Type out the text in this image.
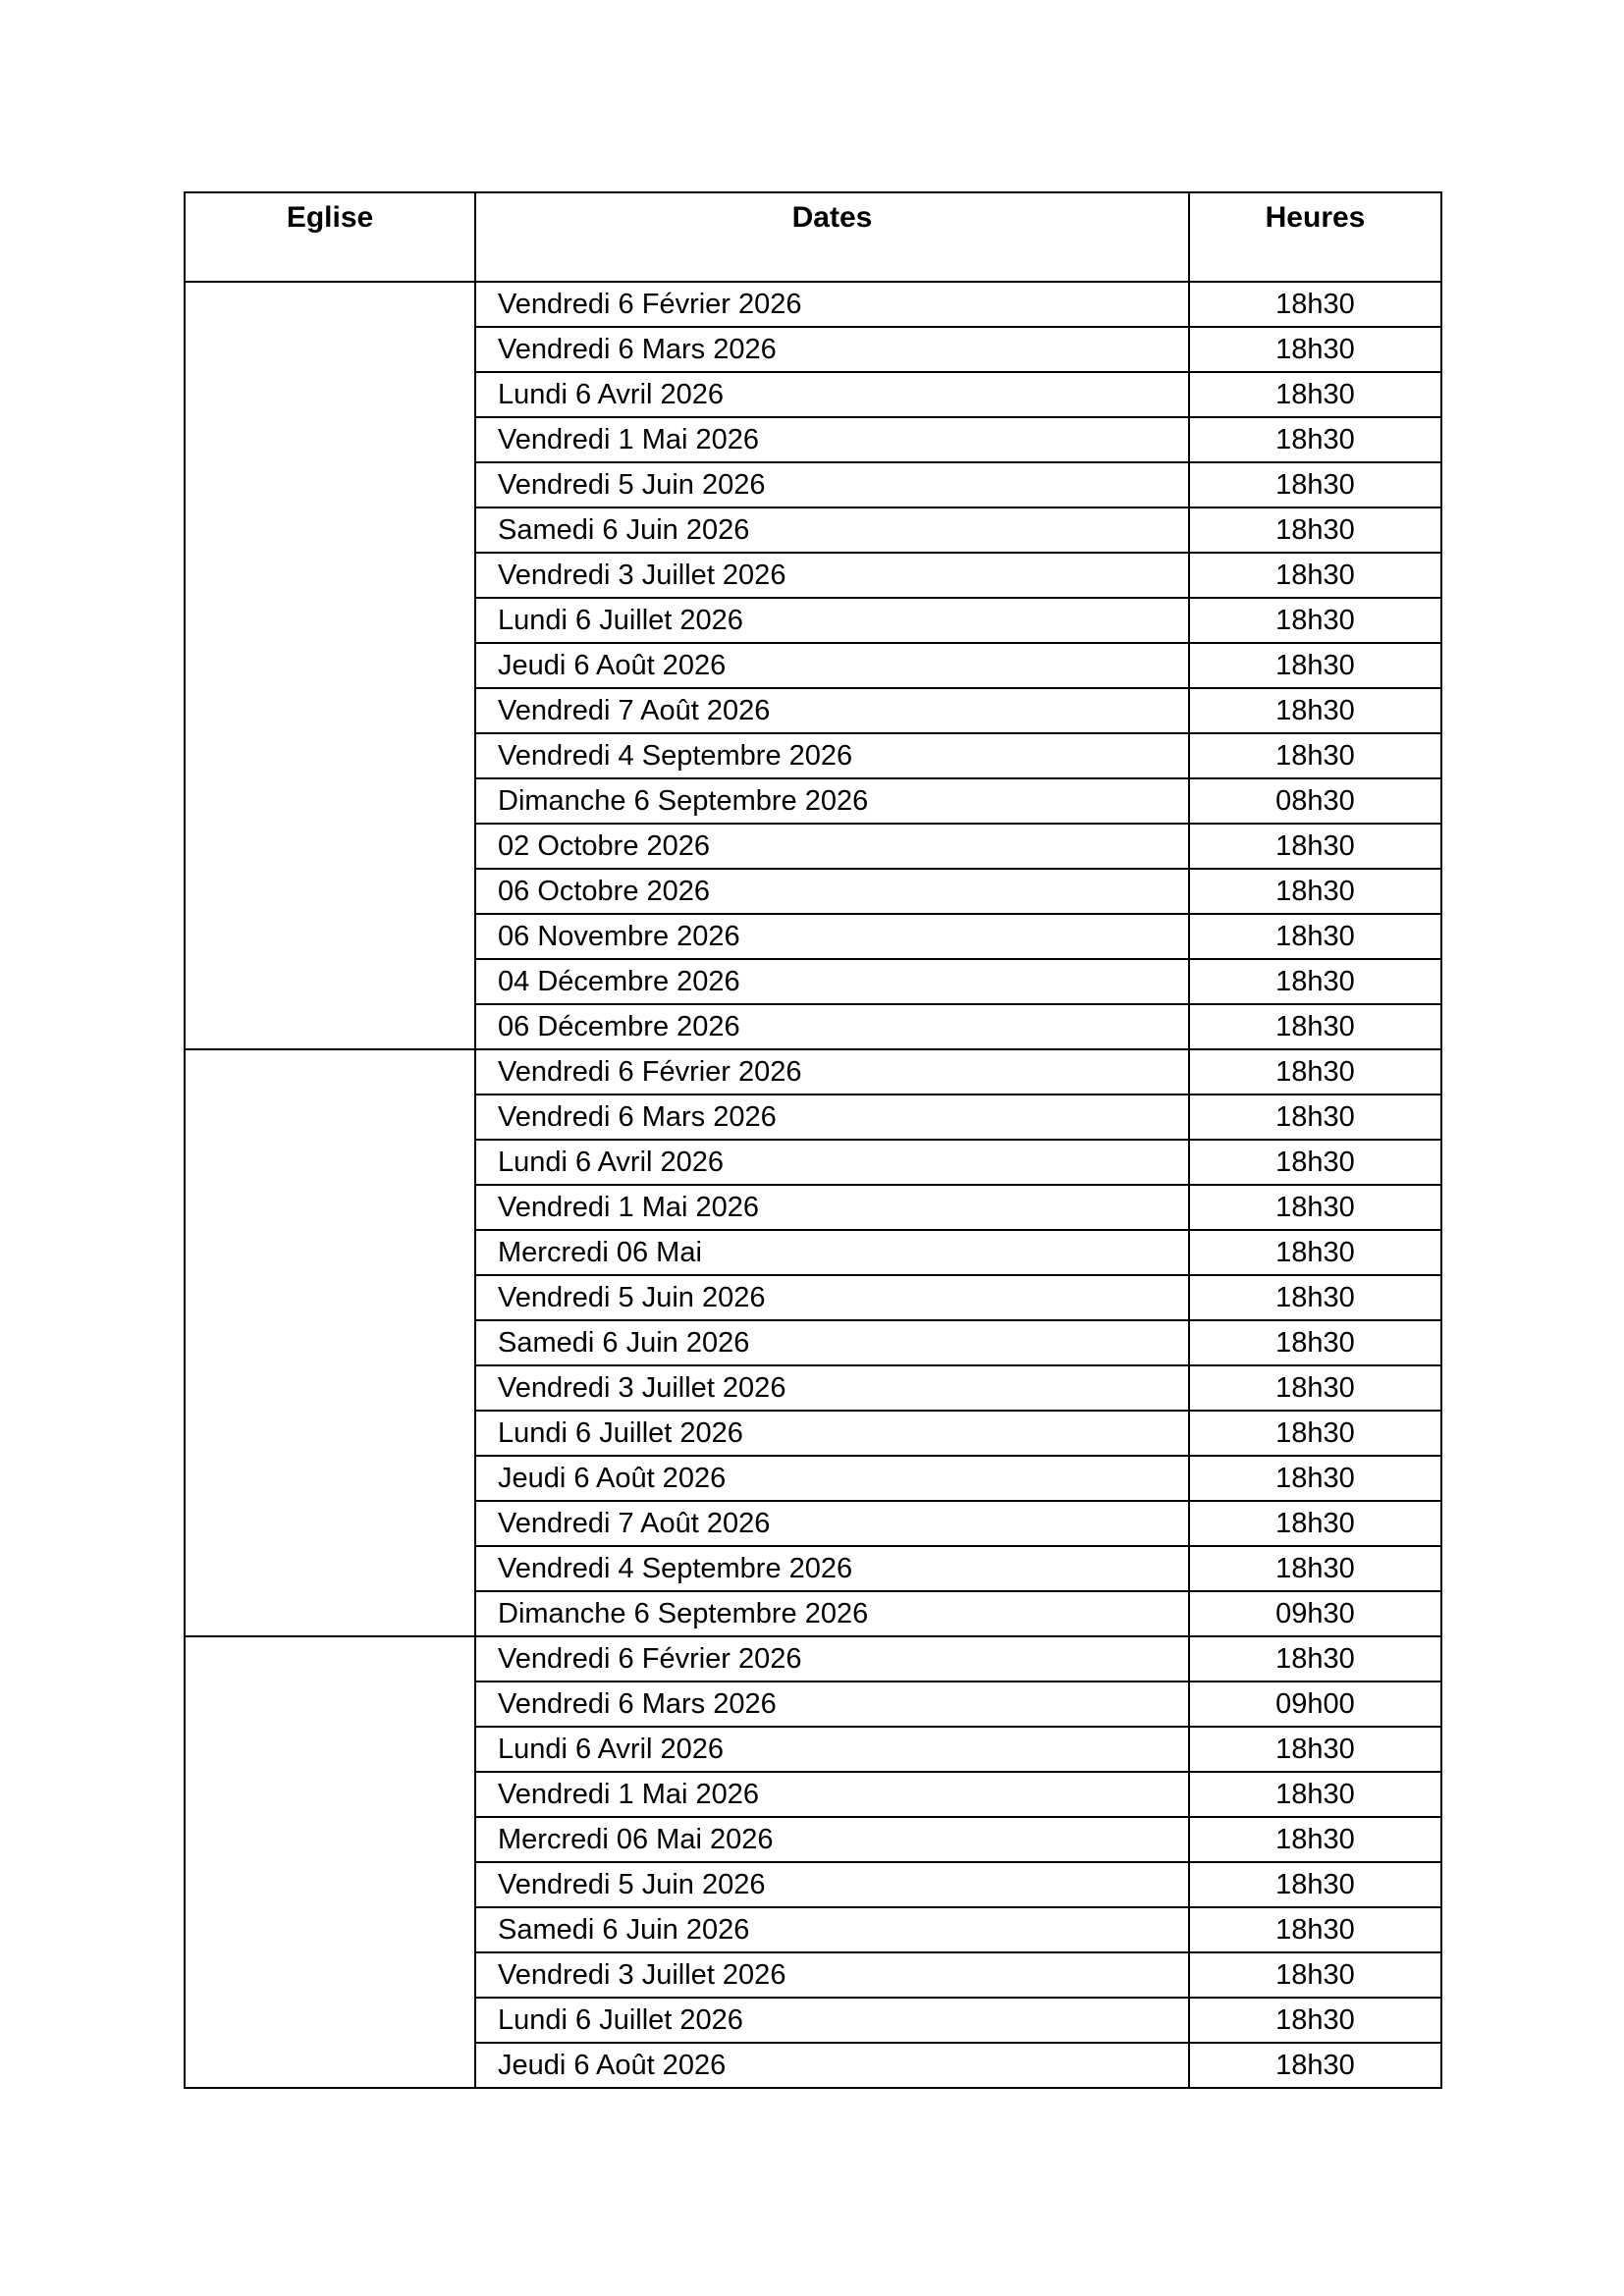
Eglise	Dates	Heures
	Vendredi 6 Février 2026	18h30
	Vendredi 6 Mars 2026	18h30
	Lundi 6 Avril 2026	18h30
	Vendredi 1 Mai 2026	18h30
	Vendredi 5 Juin 2026	18h30
	Samedi 6 Juin 2026	18h30
	Vendredi 3 Juillet 2026	18h30
	Lundi 6 Juillet 2026	18h30
	Jeudi 6 Août 2026	18h30
	Vendredi 7 Août 2026	18h30
	Vendredi 4 Septembre 2026	18h30
	Dimanche 6 Septembre 2026	08h30
	02 Octobre 2026	18h30
	06 Octobre 2026	18h30
	06 Novembre 2026	18h30
	04 Décembre 2026	18h30
	06 Décembre 2026	18h30
	Vendredi 6 Février 2026	18h30
	Vendredi 6 Mars 2026	18h30
	Lundi 6 Avril 2026	18h30
	Vendredi 1 Mai 2026	18h30
	Mercredi 06 Mai	18h30
	Vendredi 5 Juin 2026	18h30
	Samedi 6 Juin 2026	18h30
	Vendredi 3 Juillet 2026	18h30
	Lundi 6 Juillet 2026	18h30
	Jeudi 6 Août 2026	18h30
	Vendredi 7 Août 2026	18h30
	Vendredi 4 Septembre 2026	18h30
	Dimanche 6 Septembre 2026	09h30
	Vendredi 6 Février 2026	18h30
	Vendredi 6 Mars 2026	09h00
	Lundi 6 Avril 2026	18h30
	Vendredi 1 Mai 2026	18h30
	Mercredi 06 Mai 2026	18h30
	Vendredi 5 Juin 2026	18h30
	Samedi 6 Juin 2026	18h30
	Vendredi 3 Juillet 2026	18h30
	Lundi 6 Juillet 2026	18h30
	Jeudi 6 Août 2026	18h30
